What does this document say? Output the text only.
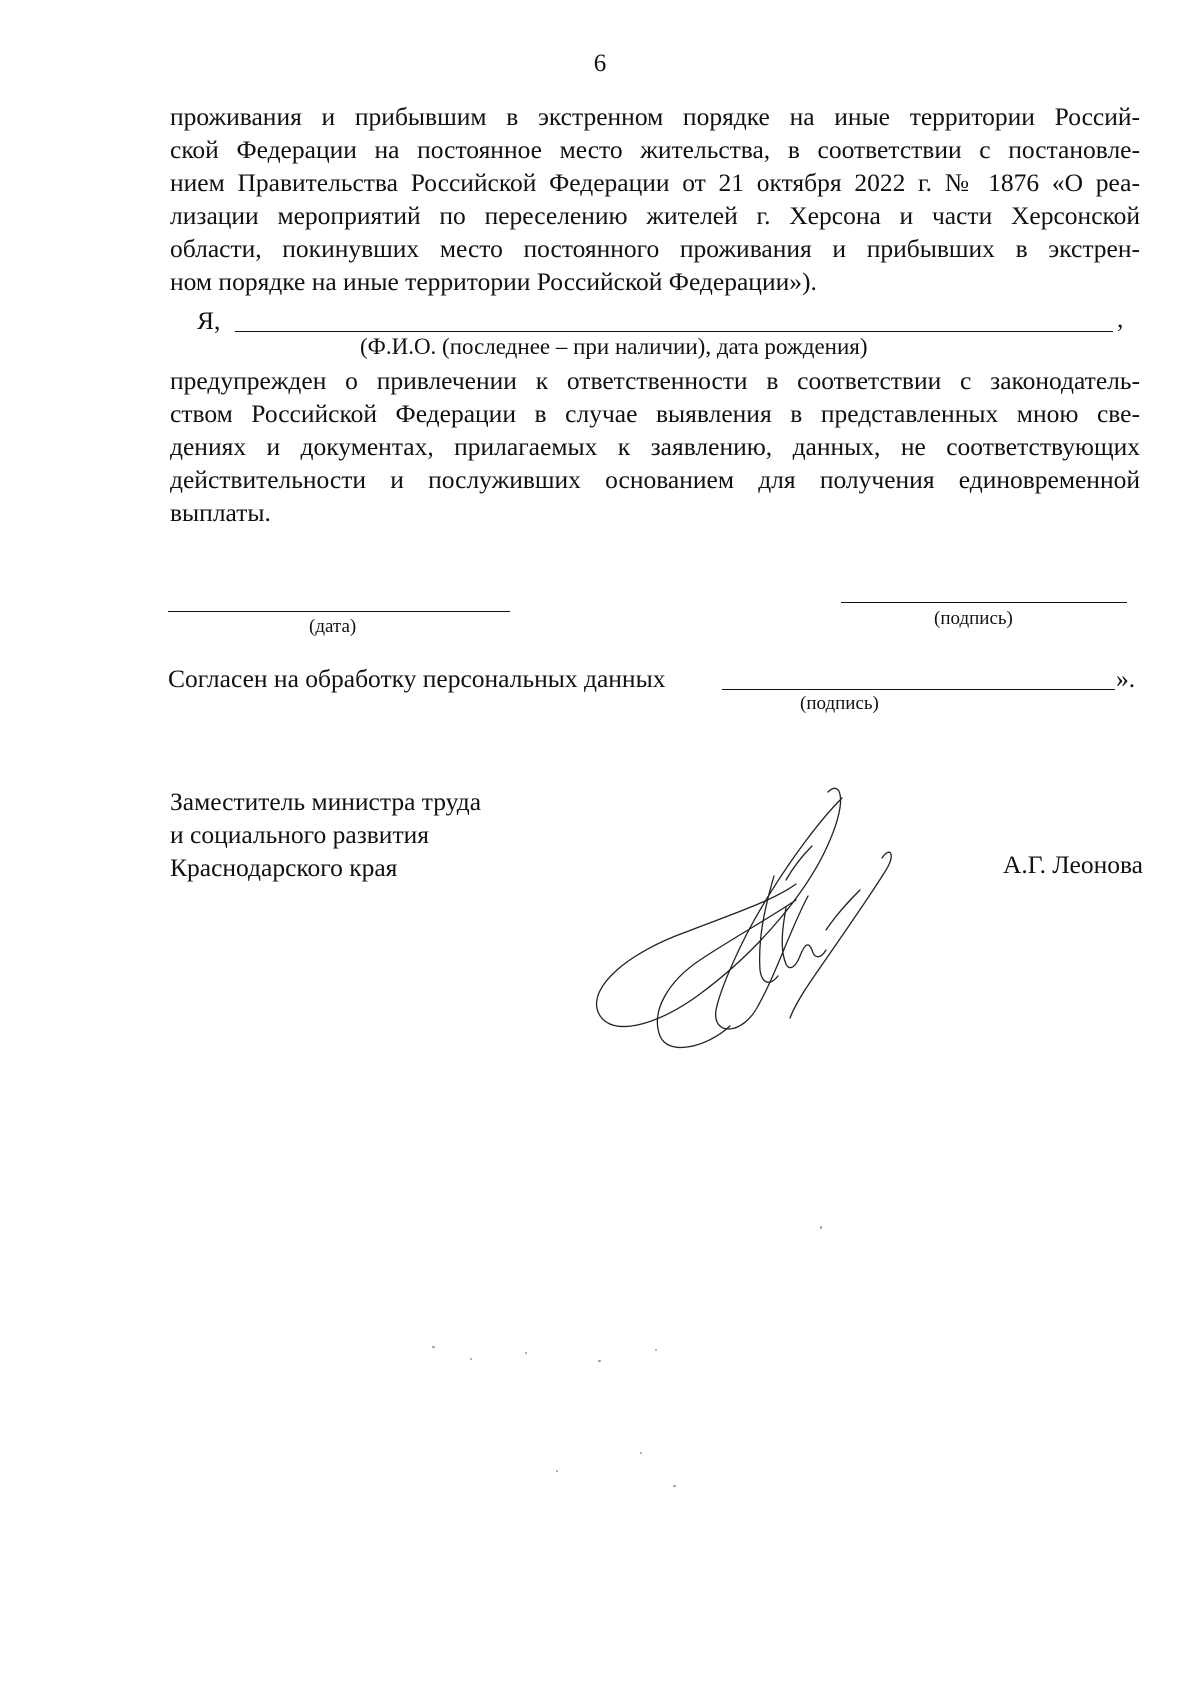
6
проживания и прибывшим в экстренном порядке на иные территории Россий-
ской Федерации на постоянное место жительства, в соответствии с постановле-
нием Правительства Российской Федерации от 21 октября 2022 г. № 1876 «О реа-
лизации мероприятий по переселению жителей г. Херсона и части Херсонской
области, покинувших место постоянного проживания и прибывших в экстрен-
ном порядке на иные территории Российской Федерации»).
Я,	,
(Ф.И.О. (последнее – при наличии), дата рождения)
предупрежден о привлечении к ответственности в соответствии с законодатель-
ством Российской Федерации в случае выявления в представленных мною све-
дениях и документах, прилагаемых к заявлению, данных, не соответствующих
действительности и послуживших основанием для получения единовременной
выплаты.
(дата)	(подпись)
Согласен на обработку персональных данных	».
(подпись)
Заместитель министра труда
и социального развития
Краснодарского края	А.Г. Леонова
